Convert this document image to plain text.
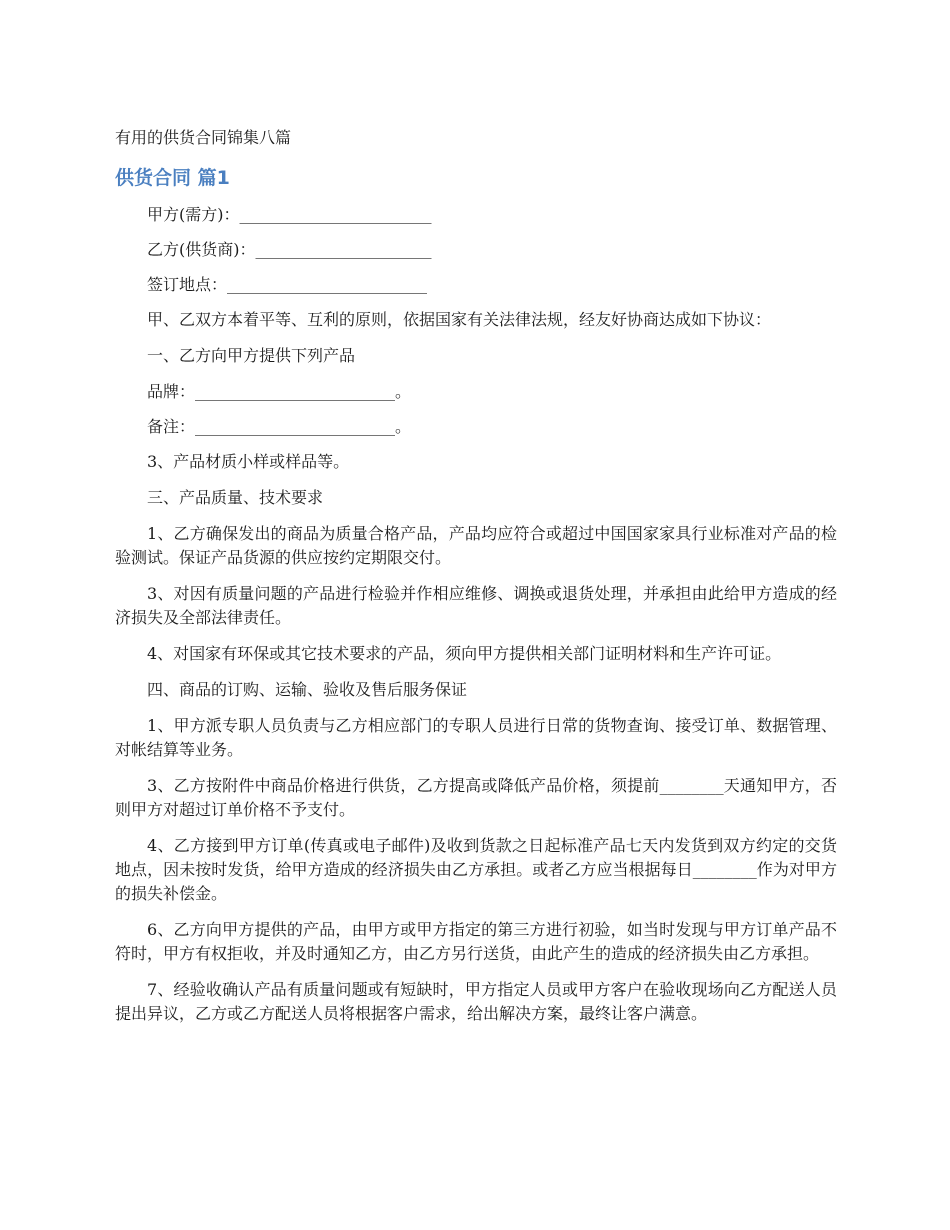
有用的供货合同锦集八篇
供货合同 篇1

甲方(需方)：________________________

乙方(供货商)：______________________

签订地点：_________________________

甲、乙双方本着平等、互利的原则，依据国家有关法律法规，经友好协商达成如下协议：

一、乙方向甲方提供下列产品

品牌：_________________________。

备注：_________________________。

3、产品材质小样或样品等。

三、产品质量、技术要求

1、乙方确保发出的商品为质量合格产品，产品均应符合或超过中国国家家具行业标准对产品的检验测试。保证产品货源的供应按约定期限交付。

3、对因有质量问题的产品进行检验并作相应维修、调换或退货处理，并承担由此给甲方造成的经济损失及全部法律责任。

4、对国家有环保或其它技术要求的产品，须向甲方提供相关部门证明材料和生产许可证。

四、商品的订购、运输、验收及售后服务保证

1、甲方派专职人员负责与乙方相应部门的专职人员进行日常的货物查询、接受订单、数据管理、对帐结算等业务。

3、乙方按附件中商品价格进行供货，乙方提高或降低产品价格，须提前________天通知甲方，否则甲方对超过订单价格不予支付。

4、乙方接到甲方订单(传真或电子邮件)及收到货款之日起标准产品七天内发货到双方约定的交货地点，因未按时发货，给甲方造成的经济损失由乙方承担。或者乙方应当根据每日________作为对甲方的损失补偿金。

6、乙方向甲方提供的产品，由甲方或甲方指定的第三方进行初验，如当时发现与甲方订单产品不符时，甲方有权拒收，并及时通知乙方，由乙方另行送货，由此产生的造成的经济损失由乙方承担。

7、经验收确认产品有质量问题或有短缺时，甲方指定人员或甲方客户在验收现场向乙方配送人员提出异议，乙方或乙方配送人员将根据客户需求，给出解决方案，最终让客户满意。
